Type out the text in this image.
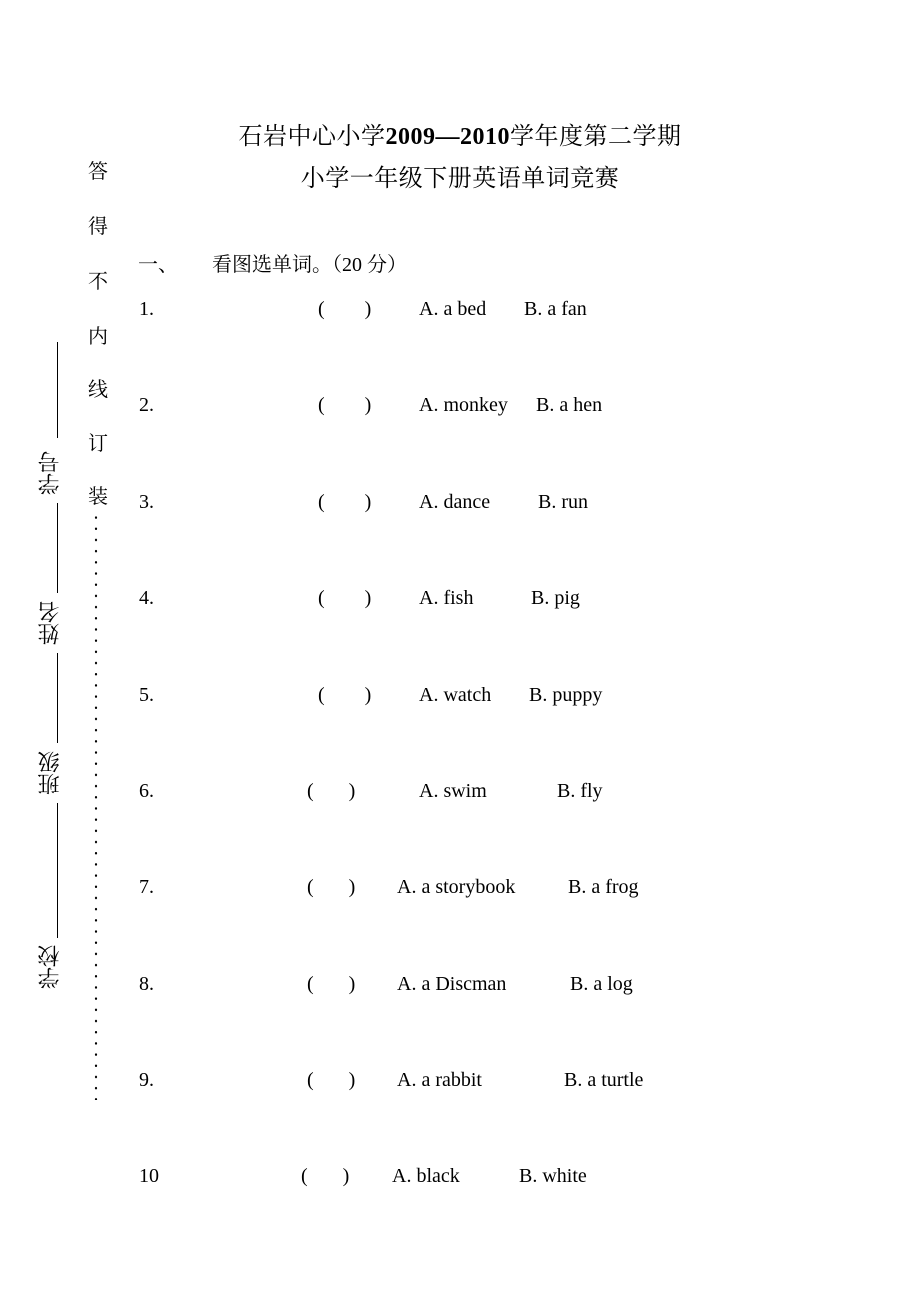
石岩中心小学2009—2010学年度第二学期
小学一年级下册英语单词竞赛
一、 看图选单词。（20 分）
1.	(        ) A. a bed B. a fan
2.	(        ) A. monkey B. a hen
3.	(        ) A. dance B. run
4.	(        ) A. fish	B. pig
5.	(        ) A. watch B. puppy
6.	(       )	A. swim	B. fly
7.	(       ) A. a storybook	B. a frog
8.	(       ) A. a Discman	B. a log
9.	(       ) A. a rabbit	B. a turtle
10	(       ) A. black	B. white
答
得
不
内
线
订
装
学号
姓名
班级
学校
